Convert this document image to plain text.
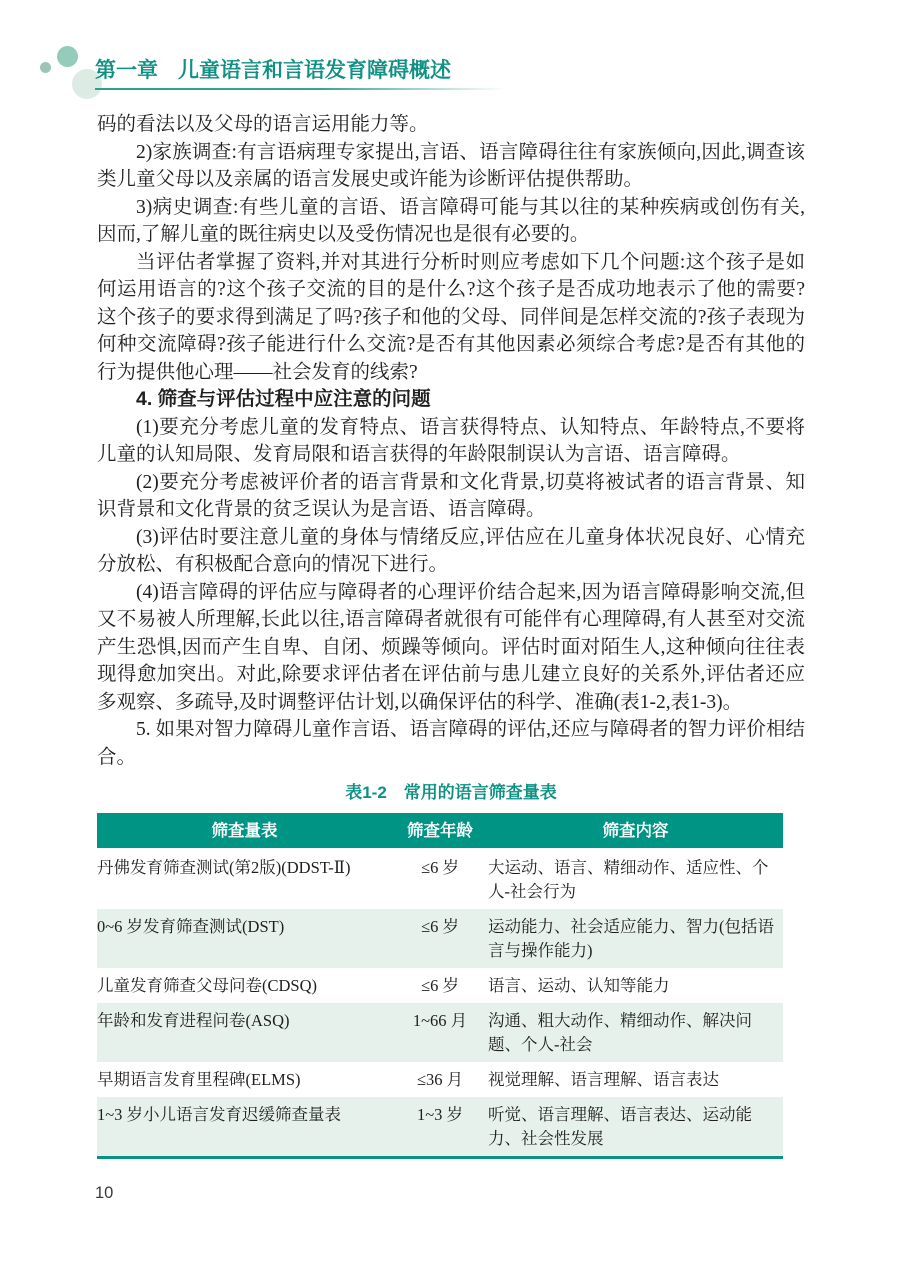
第一章 儿童语言和言语发育障碍概述

码的看法以及父母的语言运用能力等。

2)家族调查:有言语病理专家提出,言语、语言障碍往往有家族倾向,因此,调查该类儿童父母以及亲属的语言发展史或许能为诊断评估提供帮助。

3)病史调查:有些儿童的言语、语言障碍可能与其以往的某种疾病或创伤有关,因而,了解儿童的既往病史以及受伤情况也是很有必要的。

当评估者掌握了资料,并对其进行分析时则应考虑如下几个问题:这个孩子是如何运用语言的?这个孩子交流的目的是什么?这个孩子是否成功地表示了他的需要?这个孩子的要求得到满足了吗?孩子和他的父母、同伴间是怎样交流的?孩子表现为何种交流障碍?孩子能进行什么交流?是否有其他因素必须综合考虑?是否有其他的行为提供他心理——社会发育的线索?

4. 筛查与评估过程中应注意的问题

(1)要充分考虑儿童的发育特点、语言获得特点、认知特点、年龄特点,不要将儿童的认知局限、发育局限和语言获得的年龄限制误认为言语、语言障碍。

(2)要充分考虑被评价者的语言背景和文化背景,切莫将被试者的语言背景、知识背景和文化背景的贫乏误认为是言语、语言障碍。

(3)评估时要注意儿童的身体与情绪反应,评估应在儿童身体状况良好、心情充分放松、有积极配合意向的情况下进行。

(4)语言障碍的评估应与障碍者的心理评价结合起来,因为语言障碍影响交流,但又不易被人所理解,长此以往,语言障碍者就很有可能伴有心理障碍,有人甚至对交流产生恐惧,因而产生自卑、自闭、烦躁等倾向。评估时面对陌生人,这种倾向往往表现得愈加突出。对此,除要求评估者在评估前与患儿建立良好的关系外,评估者还应多观察、多疏导,及时调整评估计划,以确保评估的科学、准确(表1-2,表1-3)。

5. 如果对智力障碍儿童作言语、语言障碍的评估,还应与障碍者的智力评价相结合。

表1-2　常用的语言筛查量表
筛查量表	筛查年龄	筛查内容
丹佛发育筛查测试(第2版)(DDST-Ⅱ)	≤6 岁	大运动、语言、精细动作、适应性、个人-社会行为
0~6 岁发育筛查测试(DST)	≤6 岁	运动能力、社会适应能力、智力(包括语言与操作能力)
儿童发育筛查父母问卷(CDSQ)	≤6 岁	语言、运动、认知等能力
年龄和发育进程问卷(ASQ)	1~66 月	沟通、粗大动作、精细动作、解决问题、个人-社会
早期语言发育里程碑(ELMS)	≤36 月	视觉理解、语言理解、语言表达
1~3 岁小儿语言发育迟缓筛查量表	1~3 岁	听觉、语言理解、语言表达、运动能力、社会性发展
10
